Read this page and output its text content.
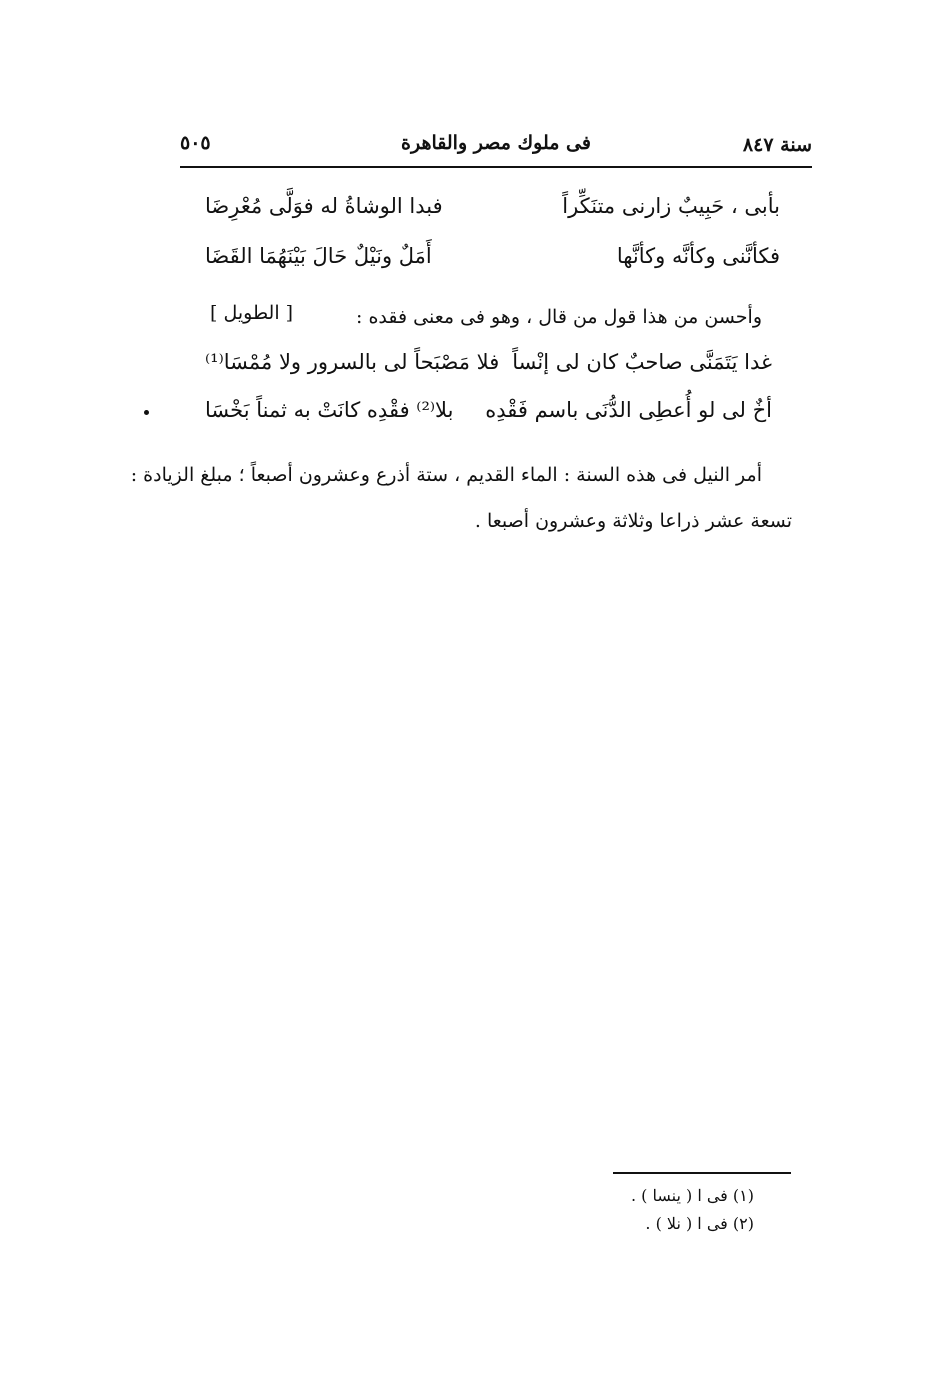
سنة ٨٤٧
فى ملوك مصر والقاهرة
٥٠٥
بأبى ، حَبِيبٌ زارنى متنَكِّراً
فبدا الوشاةُ له فوَلَّى مُعْرِضَا
فكأنَّنى وكأنَّه وكأنَّها
أَمَلٌ ونَيْلٌ حَالَ بَيْنَهُمَا القَضَا
وأحسن من هذا قول من قال ، وهو فى معنى فقده :
[ الطويل ]
غدا يَتَمَنَّى صاحبٌ كان لى إنْساً
فلا مَصْبَحاً لى بالسرور ولا مُمْسَا⁽¹⁾
أخٌ لى لو أُعطِى الدُّنَى باسم فَقْدِه
بلا⁽²⁾ فقْدِه كانَتْ به ثمناً بَخْسَا
أمر النيل فى هذه السنة : الماء القديم ، ستة أذرع وعشرون أصبعاً ؛ مبلغ الزيادة :
تسعة عشر ذراعا وثلاثة وعشرون أصبعا .
(١) فى ا ( ينسا ) .
(٢) فى ا ( نلا ) .
